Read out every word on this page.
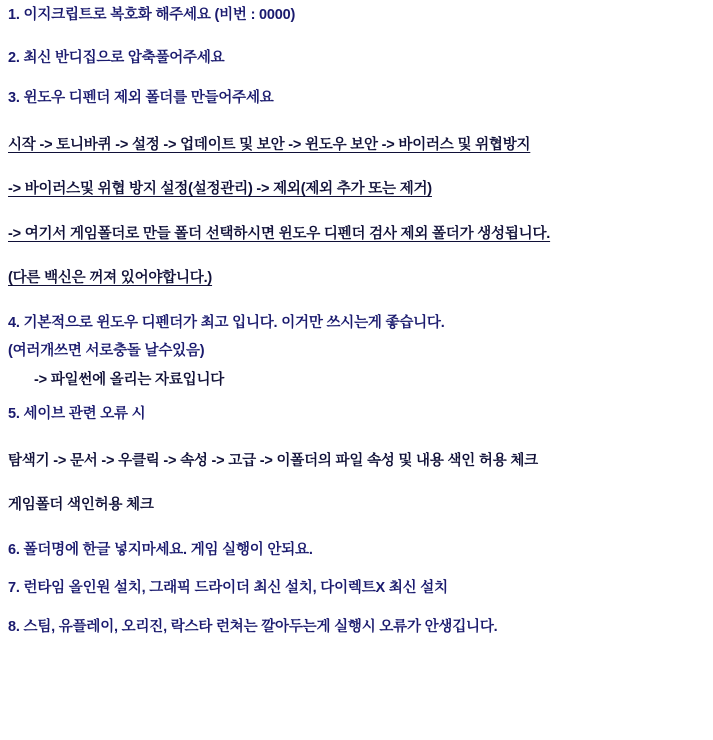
1. 이지크립트로 복호화 해주세요 (비번 : 0000)
2. 최신 반디집으로 압축풀어주세요
3. 윈도우 디펜더 제외 폴더를 만들어주세요
시작 -> 토니바퀴 -> 설정 -> 업데이트 및 보안 -> 윈도우 보안 -> 바이러스 및 위협방지
-> 바이러스및 위협 방지 설정(설정관리) -> 제외(제외 추가 또는 제거)
-> 여기서 게임폴더로 만들 폴더 선택하시면 윈도우 디펜더 검사 제외 폴더가 생성됩니다.
(다른 백신은 꺼져 있어야합니다.)
4. 기본적으로 윈도우 디펜더가 최고 입니다. 이거만 쓰시는게 좋습니다.
(여러개쓰면 서로충돌 날수있음)
-> 파일썬에 올리는 자료입니다
5. 세이브 관련 오류 시
탐색기 -> 문서 -> 우클릭 -> 속성 -> 고급 -> 이폴더의 파일 속성 및 내용 색인 허용 체크
게임폴더 색인허용 체크
6. 폴더명에 한글 넣지마세요. 게임 실행이 안되요.
7. 런타임 올인원 설치, 그래픽 드라이더 최신 설치, 다이렉트X 최신 설치
8. 스팀, 유플레이, 오리진, 락스타 런쳐는 깔아두는게 실행시 오류가 안생깁니다.
